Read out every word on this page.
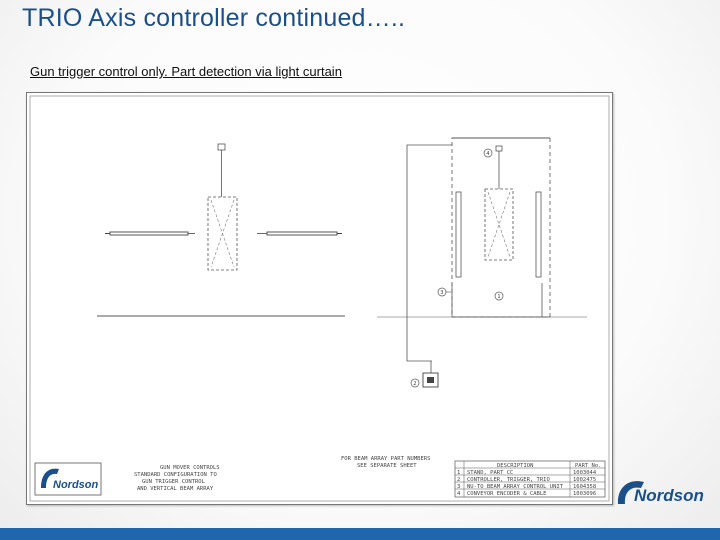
TRIO Axis controller continued…..
Gun trigger control only. Part detection via light curtain
4
1
3
2
Nordson
GUN MOVER CONTROLS
STANDARD CONFIGURATION TO
GUN TRIGGER CONTROL
AND VERTICAL BEAM ARRAY
FOR BEAM ARRAY PART NUMBERS
SEE SEPARATE SHEET	DESCRIPTION	PART No.
1 STAND, PART CC	1003044
2 CONTROLLER, TRIGGER, TRIO	1002475
3 NU-TO BEAM ARRAY CONTROL UNIT 1604358
4 CONVEYOR ENCODER & CABLE	1003096 Nordson
